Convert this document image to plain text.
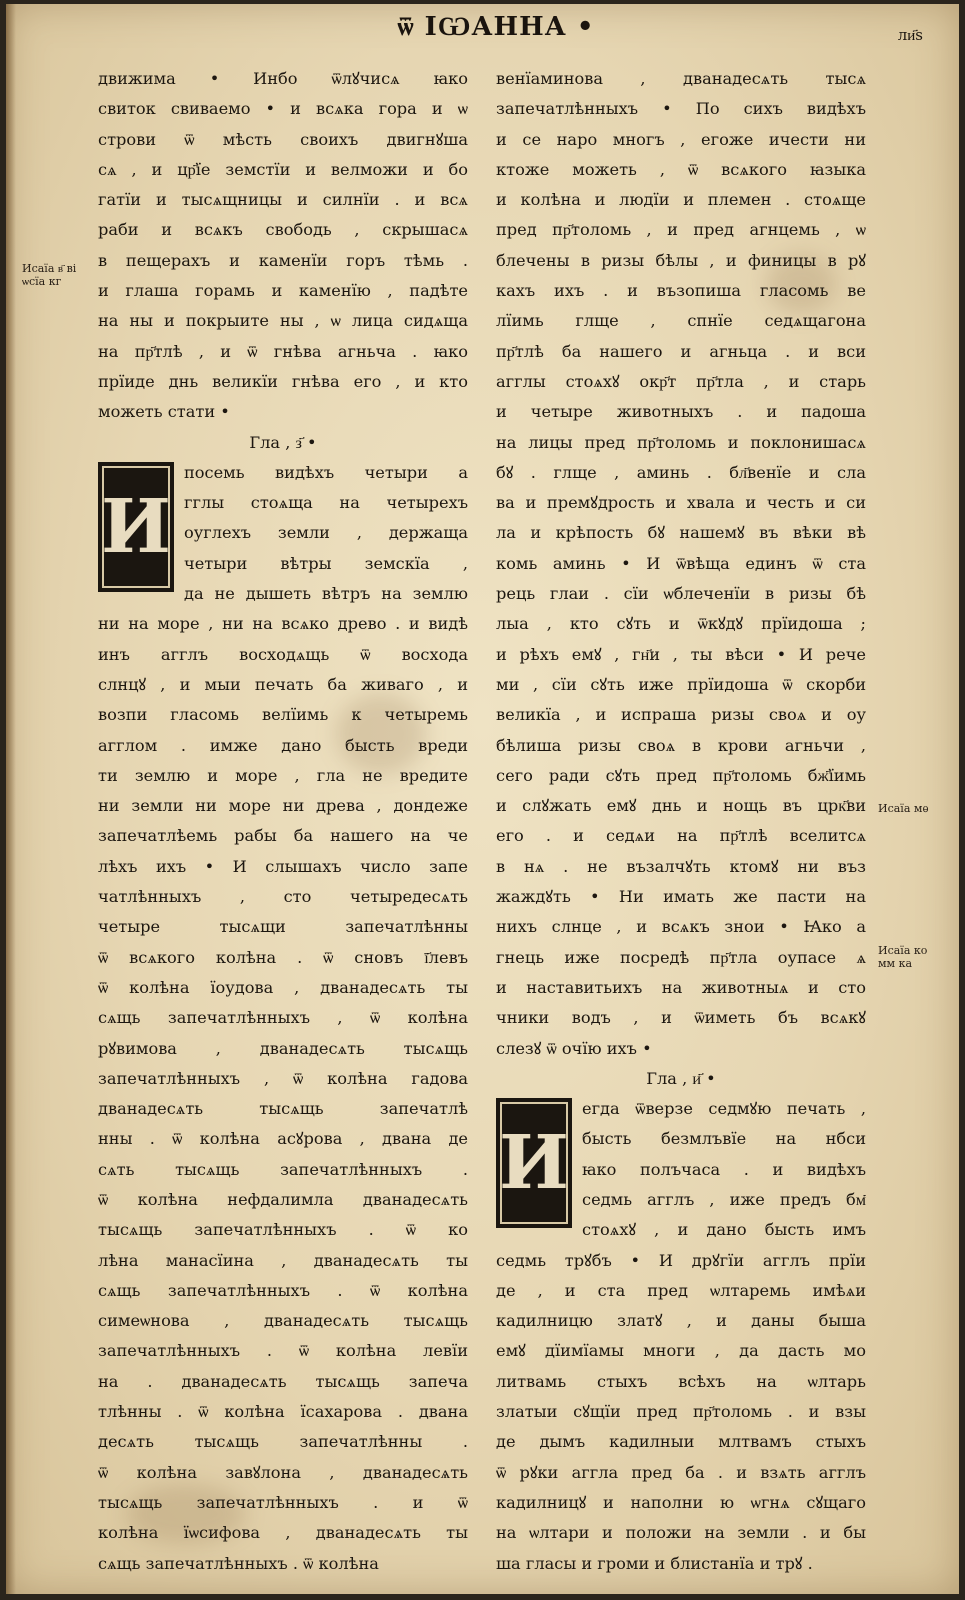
ѿ ІѠАННА •	ли҃ѕ
Исаїа в҃ ві
ѡсїа кг
Исаїа мѳ
Исаїа ко
мм ка

движима • Инбо ѿлꙋчисѧ ꙗко

свиток свиваемо • и всѧка гора и ѡ

строви ѿ мѣсть своихъ двигнꙋша

сѧ , и цр҃їе земстїи и велможи и бо

гатїи и тысѧщницы и силнїи . и всѧ

раби и всѧкъ свободь , скрышасѧ

в пещерахъ и каменїи горъ тѣмь .

и глаша горамь и каменїю , падѣте

на ны и покрыите ны , ѡ лица сидѧща

на пр҃тлѣ , и ѿ гнѣва агньча . ꙗко

прїиде днь великїи гнѣва его , и кто

можеть стати •

Гла , з҃ •

И

посемь видѣхъ четыри а

гглы стоѧща на четырехъ

оуглехъ земли , держаща

четыри вѣтры земскїа ,

да не дышеть вѣтръ на землю

ни на море , ни на всѧко древо . и видѣ

инъ агглъ восходѧщь ѿ восхода

слнцꙋ , и мыи печать ба живаго , и

возпи гласомь велїимь к четыремь

агглом . имже дано бысть вреди

ти землю и море , гла не вредите

ни земли ни море ни древа , дондеже

запечатлѣемь рабы ба нашего на че

лѣхъ ихъ • И слышахъ число запе

чатлѣнныхъ , сто четыредесѧть

четыре тысѧщи запечатлѣнны

ѿ всѧкого колѣна . ѿ сновъ ї҃левъ

ѿ колѣна їоудова , дванадесѧть ты

сѧщь запечатлѣнныхъ , ѿ колѣна

рꙋвимова , дванадесѧть тысѧщь

запечатлѣнныхъ , ѿ колѣна гадова

дванадесѧть тысѧщь запечатлѣ

нны . ѿ колѣна асꙋрова , двана де

сѧть тысѧщь запечатлѣнныхъ .

ѿ колѣна нефдалимла дванадесѧть

тысѧщь запечатлѣнныхъ . ѿ ко

лѣна манасїина , дванадесѧть ты

сѧщь запечатлѣнныхъ . ѿ колѣна

симеѡнова , дванадесѧть тысѧщь

запечатлѣнныхъ . ѿ колѣна левїи

на . дванадесѧть тысѧщь запеча

тлѣнны . ѿ колѣна їсахарова . двана

десѧть тысѧщь запечатлѣнны .

ѿ колѣна завꙋлона , дванадесѧть

тысѧщь запечатлѣнныхъ . и ѿ

колѣна їѡсифова , дванадесѧть ты

сѧщь запечатлѣнныхъ . ѿ колѣна

венїаминова , дванадесѧть тысѧ

запечатлѣнныхъ • По сихъ видѣхъ

и се наро многъ , егоже ичести ни

ктоже можеть , ѿ всѧкого ꙗзыка

и колѣна и людїи и племен . стоѧще

пред пр҃толомь , и пред агнцемь , ѡ

блечены в ризы бѣлы , и финицы в рꙋ

кахъ ихъ . и възопиша гласомь ве

лїимь глще , спнїе седѧщагона

пр҃тлѣ ба нашего и агньца . и вси

агглы стоѧхꙋ окр҃т пр҃тла , и старь

и четыре животныхъ . и падоша

на лицы пред пр҃толомь и поклонишасѧ

бꙋ . глще , аминь . бл҃венїе и сла

ва и премꙋдрость и хвала и честь и си

ла и крѣпость бꙋ нашемꙋ въ вѣки вѣ

комь аминь • И ѿвѣща единъ ѿ ста

рець глаи . сїи ѡблеченїи в ризы бѣ

лыа , кто сꙋть и ѿкꙋдꙋ прїидоша ;

и рѣхъ емꙋ , гн҃и , ты вѣси • И рече

ми , сїи сꙋть иже прїидоша ѿ скорби

великїа , и испраша ризы своѧ и оу

бѣлиша ризы своѧ в крови агньчи ,

сего ради сꙋть пред пр҃толомь бж҃їимь

и слꙋжать емꙋ днь и нощь въ црк҃ви

его . и седѧи на пр҃тлѣ вселитсѧ

в нѧ . не възалчꙋть ктомꙋ ни въз

жаждꙋть • Ни имать же пасти на

нихъ слнце , и всѧкъ знои • Ꙗко а

гнець иже посредѣ пр҃тла оупасе ѧ

и наставитьихъ на животныѧ и сто

чники водъ , и ѿиметь бъ всѧкꙋ

слезꙋ ѿ очїю ихъ •

Гла , и҃ •

И

егда ѿверзе седмꙋю печать ,

бысть безмлъвїе на нбси

ꙗко полъчаса . и видѣхъ

седмь агглъ , иже предъ бм҃

стоѧхꙋ , и дано бысть имъ

седмь трꙋбъ • И дрꙋгїи агглъ прїи

де , и ста пред ѡлтаремь имѣѧи

кадилницю златꙋ , и даны быша

емꙋ дїимїамы многи , да дасть мо

литвамь стыхъ всѣхъ на ѡлтарь

златыи сꙋщїи пред пр҃толомь . и взы

де дымъ кадилныи млтвамъ стыхъ

ѿ рꙋки аггла пред ба . и взѧть агглъ

кадилницꙋ и наполни ю ѡгнѧ сꙋщаго

на ѡлтари и положи на земли . и бы

ша гласы и громи и блистанїа и трꙋ .
